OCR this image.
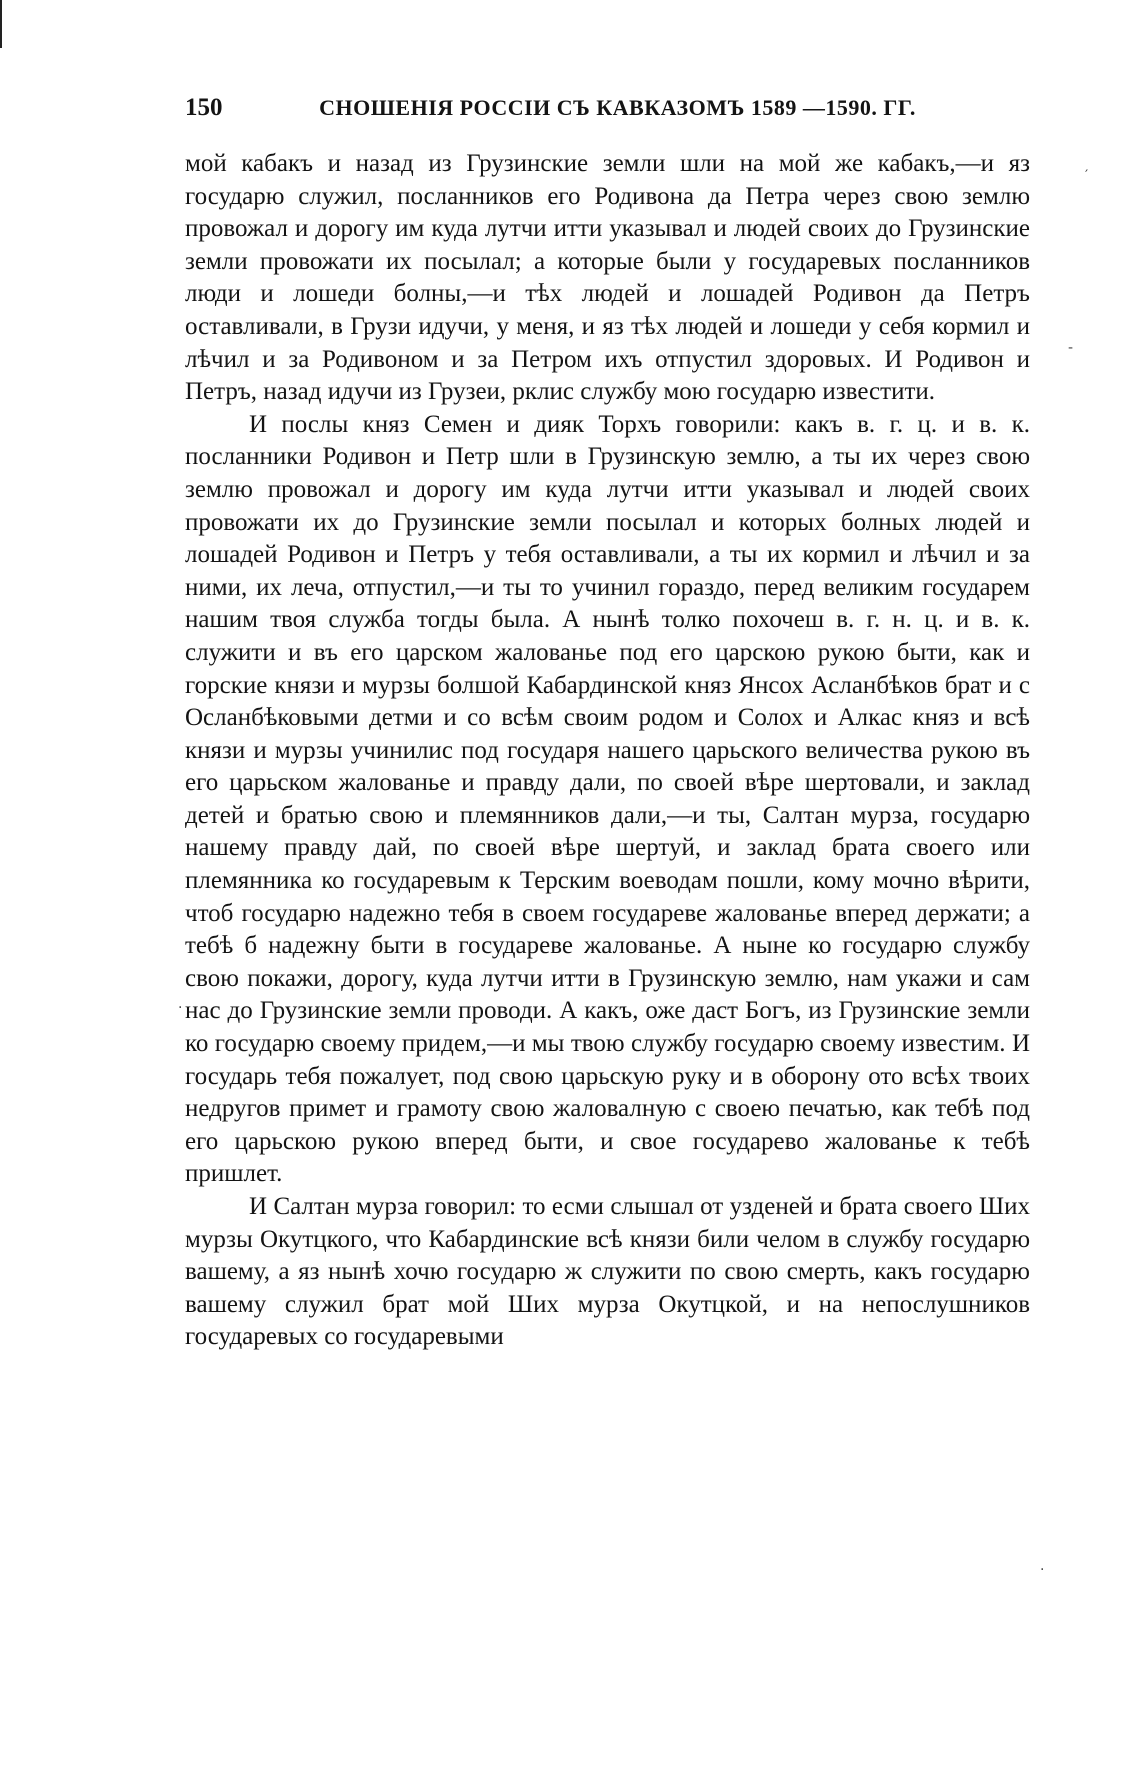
150	СНОШЕНІЯ РОССІИ СЪ КАВКАЗОМЪ 1589 —1590. ГГ.

мой кабакъ и назад из Грузинские земли шли на мой же кабакъ,—и яз государю служил, посланников его Родивона да Петра через свою землю провожал и дорогу им куда лутчи итти указывал и людей своих до Грузинские земли провожати их посылал; а которые были у государевых посланников люди и лошеди болны,—и тѣх людей и лошадей Родивон да Петръ оставливали, в Грузи идучи, у меня, и яз тѣх людей и лошеди у себя кормил и лѣчил и за Родивоном и за Петром ихъ отпустил здоровых. И Родивон и Петръ, назад идучи из Грузеи, рклис службу мою государю известити.

И послы княз Семен и дияк Торхъ говорили: какъ в. г. ц. и в. к. посланники Родивон и Петр шли в Грузинскую землю, а ты их через свою землю провожал и дорогу им куда лутчи итти указывал и людей своих провожати их до Грузинские земли посылал и которых болных людей и лошадей Родивон и Петръ у тебя оставливали, а ты их кормил и лѣчил и за ними, их леча, отпустил,—и ты то учинил гораздо, перед великим государем нашим твоя служба тогды была. А нынѣ толко похочеш в. г. н. ц. и в. к. служити и въ его царском жалованье под его царскою рукою быти, как и горские князи и мурзы болшой Кабардинской княз Янсох Асланбѣков брат и с Осланбѣковыми детми и со всѣм своим родом и Солох и Алкас княз и всѣ князи и мурзы учинилис под государя нашего царьского величества рукою въ его царьском жалованье и правду дали, по своей вѣре шертовали, и заклад детей и братью свою и племянников дали,—и ты, Салтан мурза, государю нашему правду дай, по своей вѣре шертуй, и заклад брата своего или племянника ко государевым к Терским воеводам пошли, кому мочно вѣрити, чтоб государю надежно тебя в своем государеве жалованье вперед держати; а тебѣ б надежну быти в государеве жалованье. А ныне ко государю службу свою покажи, дорогу, куда лутчи итти в Грузинскую землю, нам укажи и сам нас до Грузинские земли проводи. А какъ, оже даст Богъ, из Грузинские земли ко государю своему придем,—и мы твою службу государю своему известим. И государь тебя пожалует, под свою царьскую руку и в оборону ото всѣх твоих недругов примет и грамоту свою жаловалную с своею печатью, как тебѣ под его царьскою рукою вперед быти, и свое государево жалованье к тебѣ пришлет.

И Салтан мурза говорил: то есми слышал от узденей и брата своего Ших мурзы Окутцкого, что Кабардинские всѣ князи били челом в службу государю вашему, а яз нынѣ хочю государю ж служити по свою смерть, какъ государю вашему служил брат мой Ших мурза Окутцкой, и на непослушников государевых со государевыми

′
-
·
·
